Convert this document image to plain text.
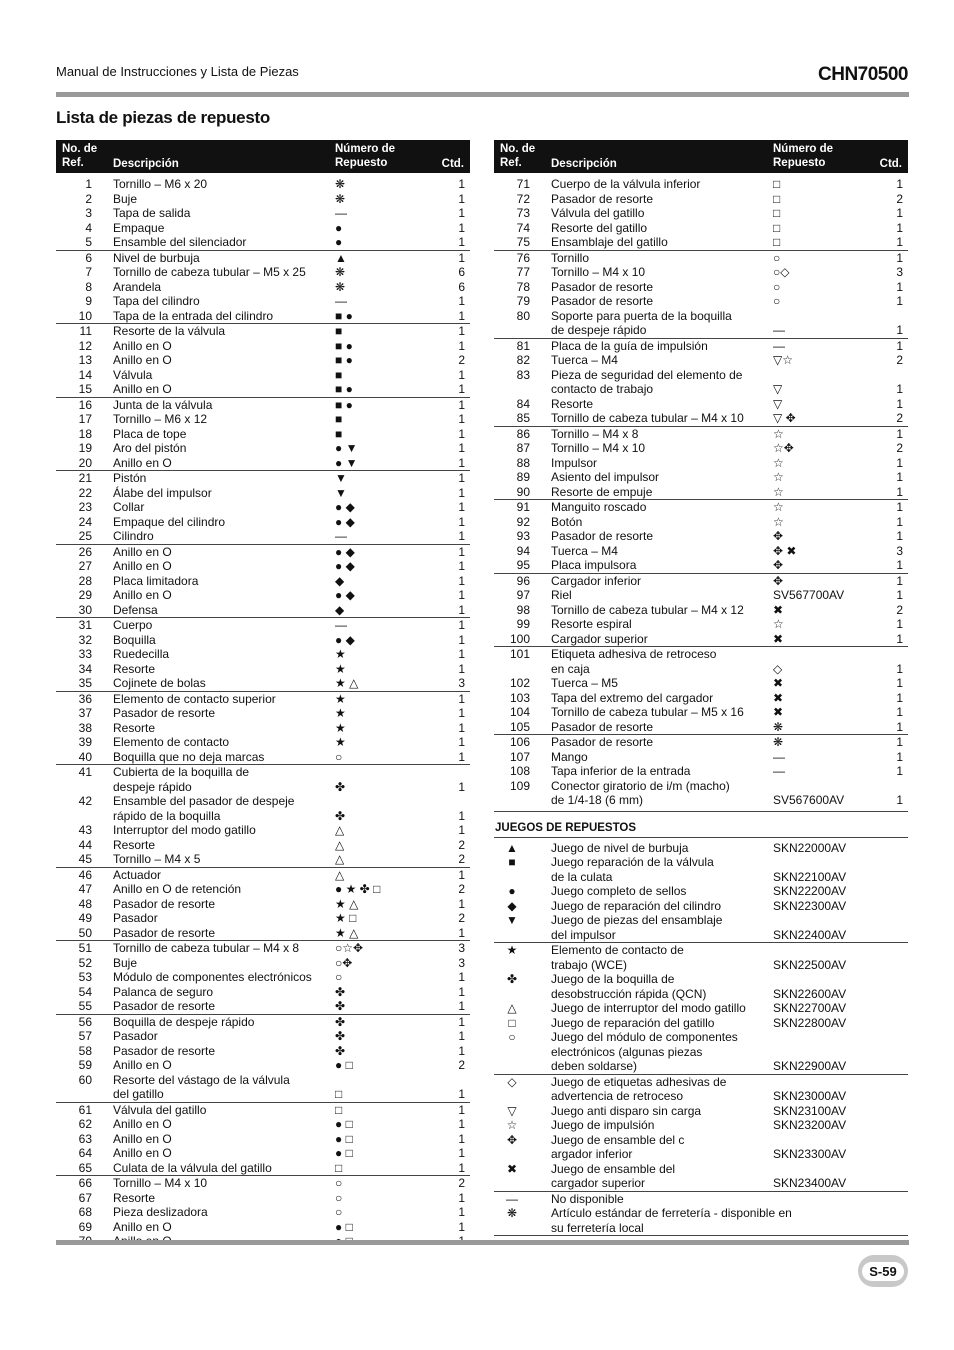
Manual de Instrucciones y Lista de Piezas	CHN70500
Lista de piezas de repuesto
No. de
Ref.	Descripción
Número de
Repuesto	Ctd.
1	Tornillo – M6 x 20	❋	1
2	Buje	❋	1
3	Tapa de salida	—	1
4	Empaque	●	1
5	Ensamble del silenciador	●	1
6	Nivel de burbuja	▲	1
7	Tornillo de cabeza tubular – M5 x 25	❋	6
8	Arandela	❋	6
9	Tapa del cilindro	—	1
10	Tapa de la entrada del cilindro	■ ●	1
11	Resorte de la válvula	■	1
12	Anillo en O	■ ●	1
13	Anillo en O	■ ●	2
14	Válvula	■	1
15	Anillo en O	■ ●	1
16	Junta de la válvula	■ ●	1
17	Tornillo – M6 x 12	■	1
18	Placa de tope	■	1
19	Aro del pistón	● ▼	1
20	Anillo en O	● ▼	1
21	Pistón	▼	1
22	Álabe del impulsor	▼	1
23	Collar	● ◆	1
24	Empaque del cilindro	● ◆	1
25	Cilindro	—	1
26	Anillo en O	● ◆	1
27	Anillo en O	● ◆	1
28	Placa limitadora	◆	1
29	Anillo en O	● ◆	1
30	Defensa	◆	1
31	Cuerpo	—	1
32	Boquilla	● ◆	1
33	Ruedecilla	★	1
34	Resorte	★	1
35	Cojinete de bolas	★ △	3
36	Elemento de contacto superior	★	1
37	Pasador de resorte	★	1
38	Resorte	★	1
39	Elemento de contacto	★	1
40	Boquilla que no deja marcas	○	1
41	Cubierta de la boquilla de
despeje rápido	✤	1
42	Ensamble del pasador de despeje
rápido de la boquilla	✤	1
43	Interruptor del modo gatillo	△	1
44	Resorte	△	2
45	Tornillo – M4 x 5	△	2
46	Actuador	△	1
47	Anillo en O de retención	● ★ ✤ □	2
48	Pasador de resorte	★ △	1
49	Pasador	★ □	2
50	Pasador de resorte	★ △	1
51	Tornillo de cabeza tubular – M4 x 8	○☆✥	3
52	Buje	○✥	3
53	Módulo de componentes electrónicos	○	1
54	Palanca de seguro	✤	1
55	Pasador de resorte	✤	1
56	Boquilla de despeje rápido	✤	1
57	Pasador	✤	1
58	Pasador de resorte	✤	1
59	Anillo en O	● □	2
60	Resorte del vástago de la válvula
del gatillo	□	1
61	Válvula del gatillo	□	1
62	Anillo en O	● □	1
63	Anillo en O	● □	1
64	Anillo en O	● □	1
65	Culata de la válvula del gatillo	□	1
66	Tornillo – M4 x 10	○	2
67	Resorte	○	1
68	Pieza deslizadora	○	1
69	Anillo en O	● □	1
No. de
Ref.	Descripción
Número de
Repuesto	Ctd.
71	Cuerpo de la válvula inferior	□	1
72	Pasador de resorte	□	2
73	Válvula del gatillo	□	1
74	Resorte del gatillo	□	1
75	Ensamblaje del gatillo	□	1
76	Tornillo	○	1
77	Tornillo – M4 x 10	○◇	3
78	Pasador de resorte	○	1
79	Pasador de resorte	○	1
80	Soporte para puerta de la boquilla
de despeje rápido	—	1
81	Placa de la guía de impulsión	—	1
82	Tuerca – M4	▽☆	2
83	Pieza de seguridad del elemento de
contacto de trabajo	▽	1
84	Resorte	▽	1
85	Tornillo de cabeza tubular – M4 x 10	▽ ✥	2
86	Tornillo – M4 x 8	☆	1
87	Tornillo – M4 x 10	☆✥	2
88	Impulsor	☆	1
89	Asiento del impulsor	☆	1
90	Resorte de empuje	☆	1
91	Manguito roscado	☆	1
92	Botón	☆	1
93	Pasador de resorte	✥	1
94	Tuerca – M4	✥ ✖	3
95	Placa impulsora	✥	1
96	Cargador inferior	✥	1
97	Riel	SV567700AV	1
98	Tornillo de cabeza tubular – M4 x 12	✖	2
99	Resorte espiral	☆	1
100	Cargador superior	✖	1
101	Etiqueta adhesiva de retroceso
en caja	◇	1
102	Tuerca – M5	✖	1
103	Tapa del extremo del cargador	✖	1
104	Tornillo de cabeza tubular – M5 x 16	✖	1
105	Pasador de resorte	❋	1
106	Pasador de resorte	❋	1
107	Mango	—	1
108	Tapa inferior de la entrada	—	1
109	Conector giratorio de i/m (macho)
de 1/4-18 (6 mm)	SV567600AV	1
JUEGOS DE REPUESTOS
▲	Juego de nivel de burbuja	SKN22000AV
■	Juego reparación de la válvula
de la culata	SKN22100AV
●	Juego completo de sellos	SKN22200AV
◆	Juego de reparación del cilindro	SKN22300AV
▼	Juego de piezas del ensamblaje
del impulsor	SKN22400AV
★	Elemento de contacto de
trabajo (WCE)	SKN22500AV
✤	Juego de la boquilla de
desobstrucción rápida (QCN)	SKN22600AV
△	Juego de interruptor del modo gatillo	SKN22700AV
□	Juego de reparación del gatillo	SKN22800AV
○	Juego del módulo de componentes
electrónicos (algunas piezas
deben soldarse)	SKN22900AV
◇	Juego de etiquetas adhesivas de
advertencia de retroceso	SKN23000AV
▽	Juego anti disparo sin carga	SKN23100AV
☆	Juego de impulsión	SKN23200AV
✥	Juego de ensamble del c
argador inferior	SKN23300AV
✖	Juego de ensamble del
cargador superior	SKN23400AV
—	No disponible
❋	Artículo estándar de ferretería - disponible en
su ferretería local
S-59
